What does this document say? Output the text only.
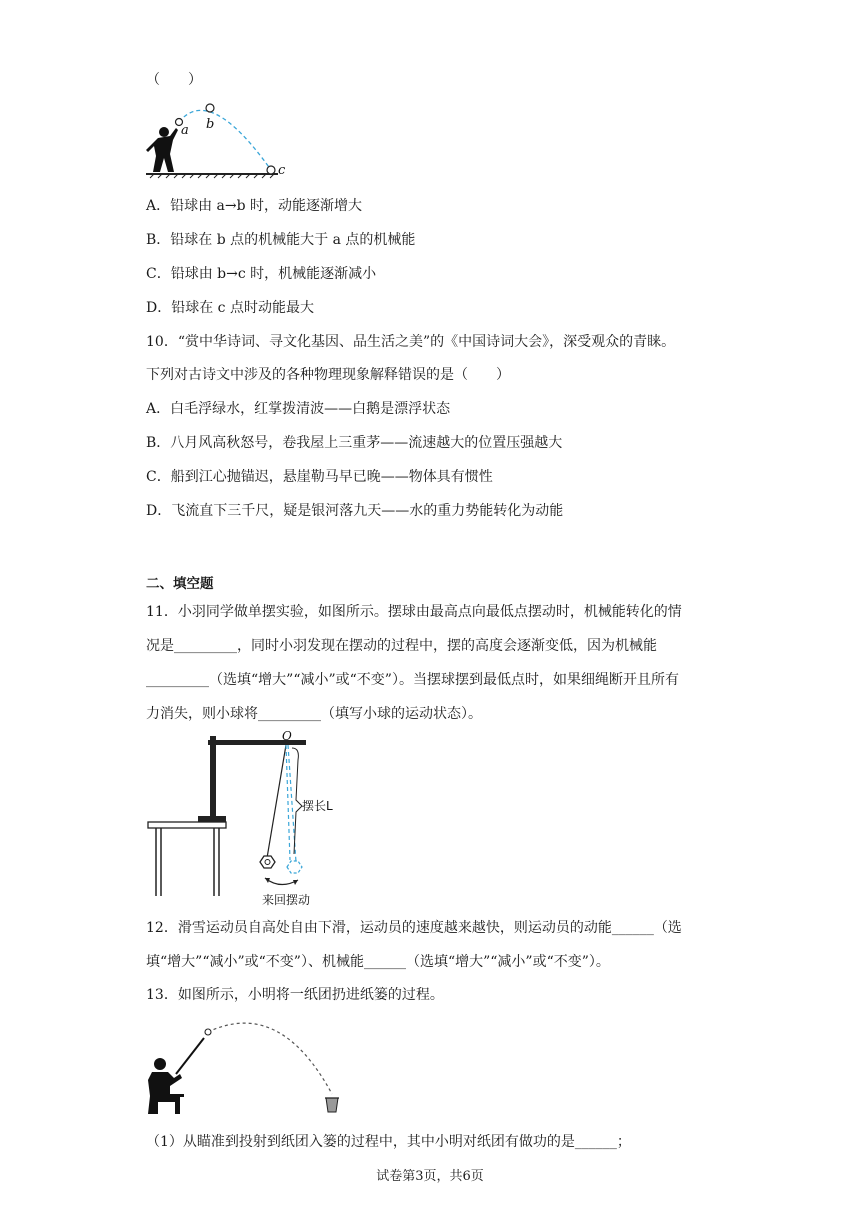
（　　）
a b
c
A．铅球由 a→b 时，动能逐渐增大
B．铅球在 b 点的机械能大于 a 点的机械能
C．铅球由 b→c 时，机械能逐渐减小
D．铅球在 c 点时动能最大
10．“赏中华诗词、寻文化基因、品生活之美”的《中国诗词大会》，深受观众的青睐。
下列对古诗文中涉及的各种物理现象解释错误的是（　　）
A．白毛浮绿水，红掌拨清波——白鹅是漂浮状态
B．八月风高秋怒号，卷我屋上三重茅——流速越大的位置压强越大
C．船到江心抛锚迟，悬崖勒马早已晚——物体具有惯性
D．飞流直下三千尺，疑是银河落九天——水的重力势能转化为动能
二、填空题
11．小羽同学做单摆实验，如图所示。摆球由最高点向最低点摆动时，机械能转化的情
况是_________，同时小羽发现在摆动的过程中，摆的高度会逐渐变低，因为机械能
_________（选填“增大”“减小”或“不变”）。当摆球摆到最低点时，如果细绳断开且所有
力消失，则小球将_________（填写小球的运动状态）。
O
摆长L
来回摆动
12．滑雪运动员自高处自由下滑，运动员的速度越来越快，则运动员的动能______（选
填“增大”“减小”或“不变”）、机械能______（选填“增大”“减小”或“不变”）。
13．如图所示，小明将一纸团扔进纸篓的过程。
（1）从瞄准到投射到纸团入篓的过程中，其中小明对纸团有做功的是______；
试卷第3页，共6页
